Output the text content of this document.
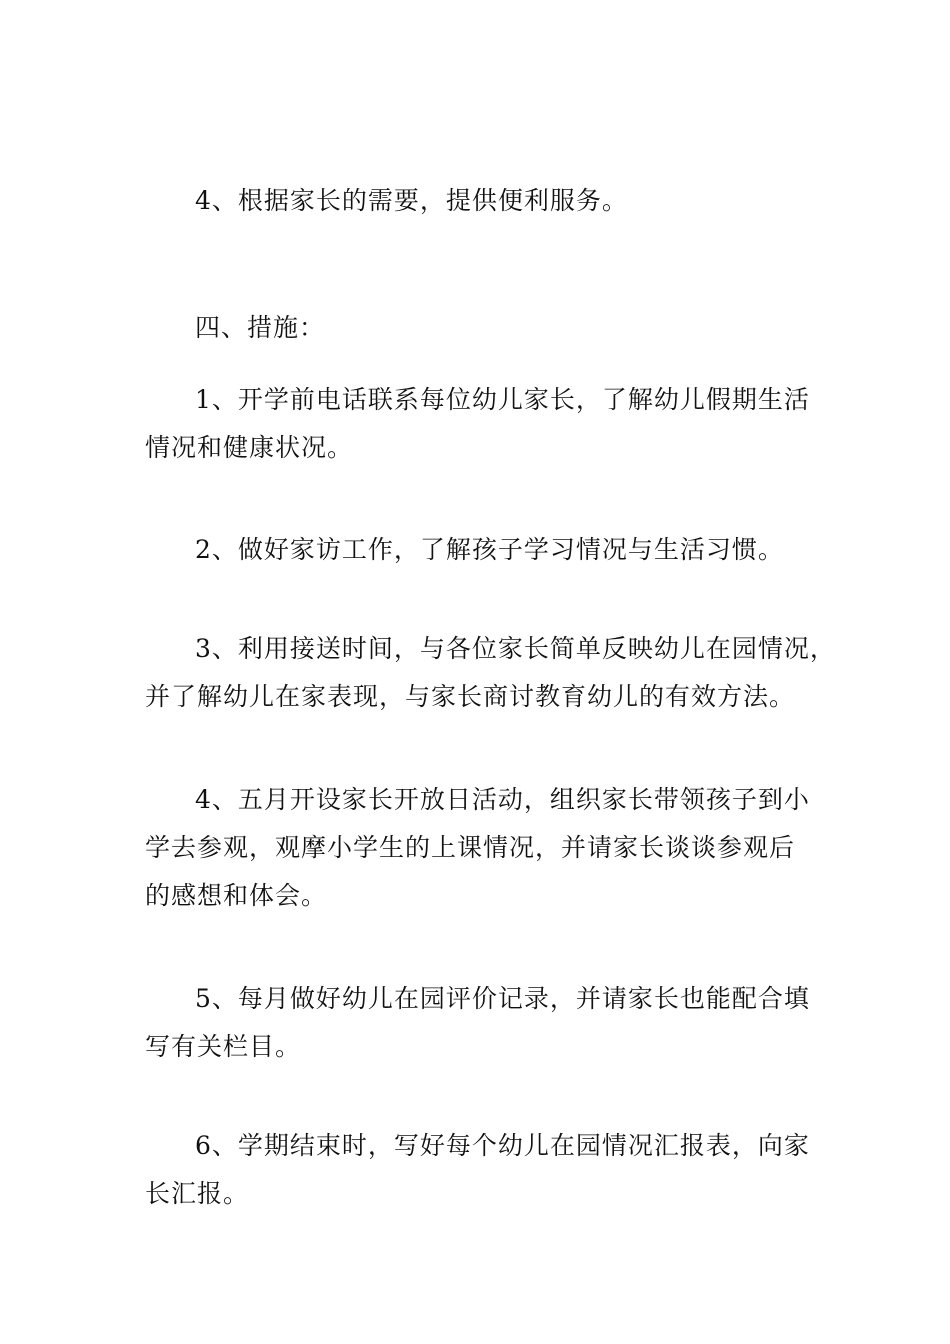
4、根据家长的需要，提供便利服务。
四、措施：
1、开学前电话联系每位幼儿家长，了解幼儿假期生活
情况和健康状况。
2、做好家访工作，了解孩子学习情况与生活习惯。
3、利用接送时间，与各位家长简单反映幼儿在园情况，
并了解幼儿在家表现，与家长商讨教育幼儿的有效方法。
4、五月开设家长开放日活动，组织家长带领孩子到小
学去参观，观摩小学生的上课情况，并请家长谈谈参观后
的感想和体会。
5、每月做好幼儿在园评价记录，并请家长也能配合填
写有关栏目。
6、学期结束时，写好每个幼儿在园情况汇报表，向家
长汇报。
